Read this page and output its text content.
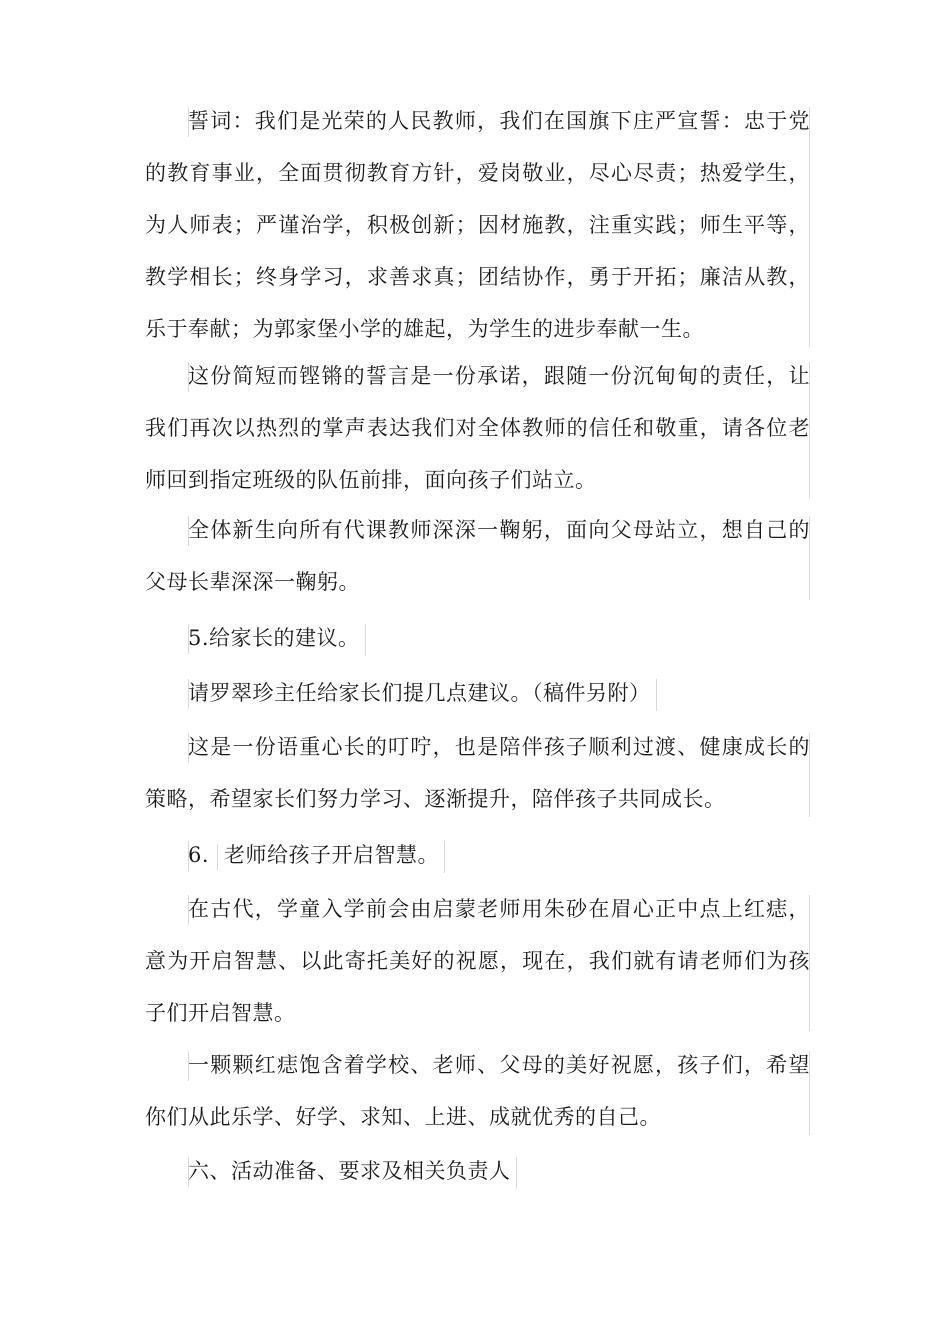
誓词：我们是光荣的人民教师，我们在国旗下庄严宣誓：忠于党的教育事业，全面贯彻教育方针，爱岗敬业，尽心尽责；热爱学生，为人师表；严谨治学，积极创新；因材施教，注重实践；师生平等，教学相长；终身学习，求善求真；团结协作，勇于开拓；廉洁从教，乐于奉献；为郭家堡小学的雄起，为学生的进步奉献一生。

这份简短而铿锵的誓言是一份承诺，跟随一份沉甸甸的责任，让我们再次以热烈的掌声表达我们对全体教师的信任和敬重，请各位老师回到指定班级的队伍前排，面向孩子们站立。

全体新生向所有代课教师深深一鞠躬，面向父母站立，想自己的父母长辈深深一鞠躬。

5.给家长的建议。

请罗翠珍主任给家长们提几点建议。（稿件另附）

这是一份语重心长的叮咛，也是陪伴孩子顺利过渡、健康成长的策略，希望家长们努力学习、逐渐提升，陪伴孩子共同成长。

6. 老师给孩子开启智慧。

在古代，学童入学前会由启蒙老师用朱砂在眉心正中点上红痣，意为开启智慧、以此寄托美好的祝愿，现在，我们就有请老师们为孩子们开启智慧。

一颗颗红痣饱含着学校、老师、父母的美好祝愿，孩子们，希望你们从此乐学、好学、求知、上进、成就优秀的自己。

六、活动准备、要求及相关负责人
